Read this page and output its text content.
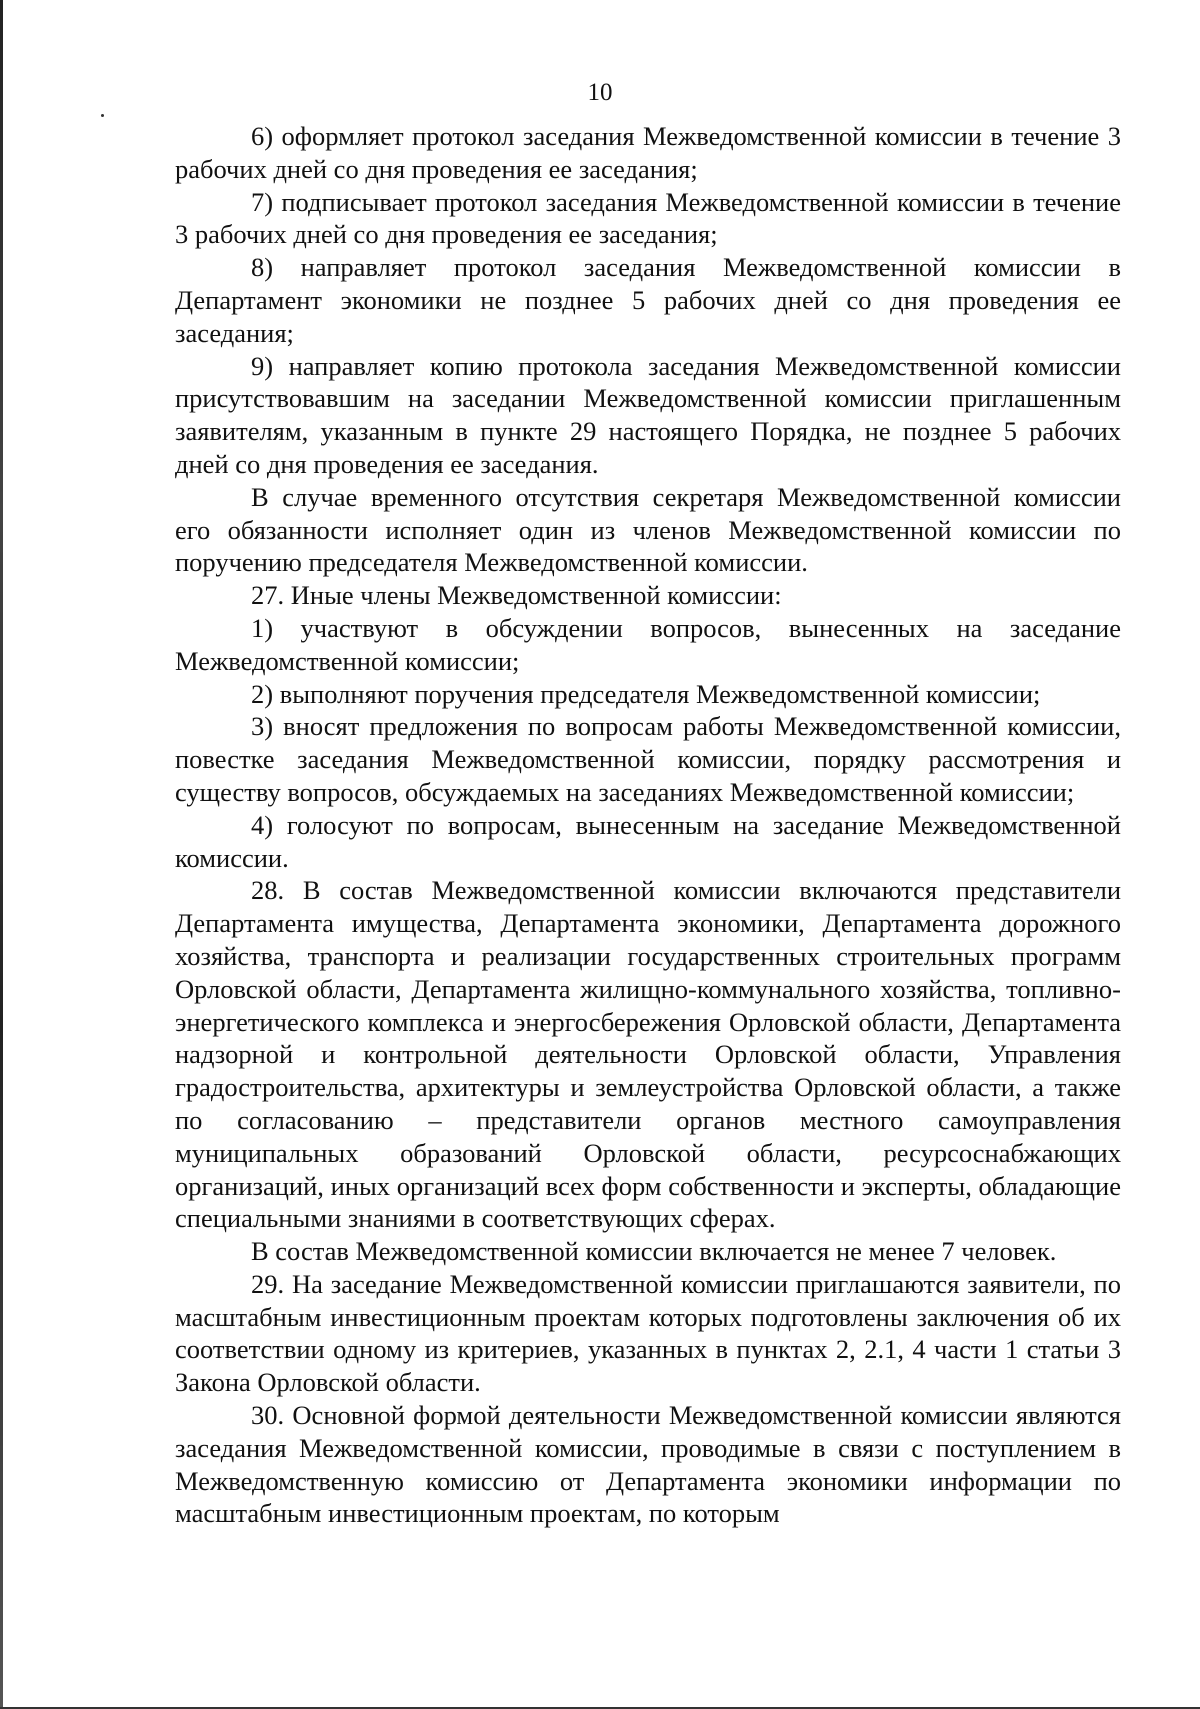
10

6) оформляет протокол заседания Межведомственной комиссии в течение 3 рабочих дней со дня проведения ее заседания;

7) подписывает протокол заседания Межведомственной комиссии в течение 3 рабочих дней со дня проведения ее заседания;

8) направляет протокол заседания Межведомственной комиссии в Департамент экономики не позднее 5 рабочих дней со дня проведения ее заседания;

9) направляет копию протокола заседания Межведомственной комиссии присутствовавшим на заседании Межведомственной комиссии приглашенным заявителям, указанным в пункте 29 настоящего Порядка, не позднее 5 рабочих дней со дня проведения ее заседания.

В случае временного отсутствия секретаря Межведомственной комиссии его обязанности исполняет один из членов Межведомственной комиссии по поручению председателя Межведомственной комиссии.

27. Иные члены Межведомственной комиссии:

1) участвуют в обсуждении вопросов, вынесенных на заседание Межведомственной комиссии;

2) выполняют поручения председателя Межведомственной комиссии;

3) вносят предложения по вопросам работы Межведомственной комиссии, повестке заседания Межведомственной комиссии, порядку рассмотрения и существу вопросов, обсуждаемых на заседаниях Межведомственной комиссии;

4) голосуют по вопросам, вынесенным на заседание Межведомственной комиссии.

28. В состав Межведомственной комиссии включаются представители Департамента имущества, Департамента экономики, Департамента дорожного хозяйства, транспорта и реализации государственных строительных программ Орловской области, Департамента жилищно-коммунального хозяйства, топливно-энергетического комплекса и энергосбережения Орловской области, Департамента надзорной и контрольной деятельности Орловской области, Управления градостроительства, архитектуры и землеустройства Орловской области, а также по согласованию – представители органов местного самоуправления муниципальных образований Орловской области, ресурсоснабжающих организаций, иных организаций всех форм собственности и эксперты, обладающие специальными знаниями в соответствующих сферах.

В состав Межведомственной комиссии включается не менее 7 человек.

29. На заседание Межведомственной комиссии приглашаются заявители, по масштабным инвестиционным проектам которых подготовлены заключения об их соответствии одному из критериев, указанных в пунктах 2, 2.1, 4 части 1 статьи 3 Закона Орловской области.

30. Основной формой деятельности Межведомственной комиссии являются заседания Межведомственной комиссии, проводимые в связи с поступлением в Межведомственную комиссию от Департамента экономики информации по масштабным инвестиционным проектам, по которым
